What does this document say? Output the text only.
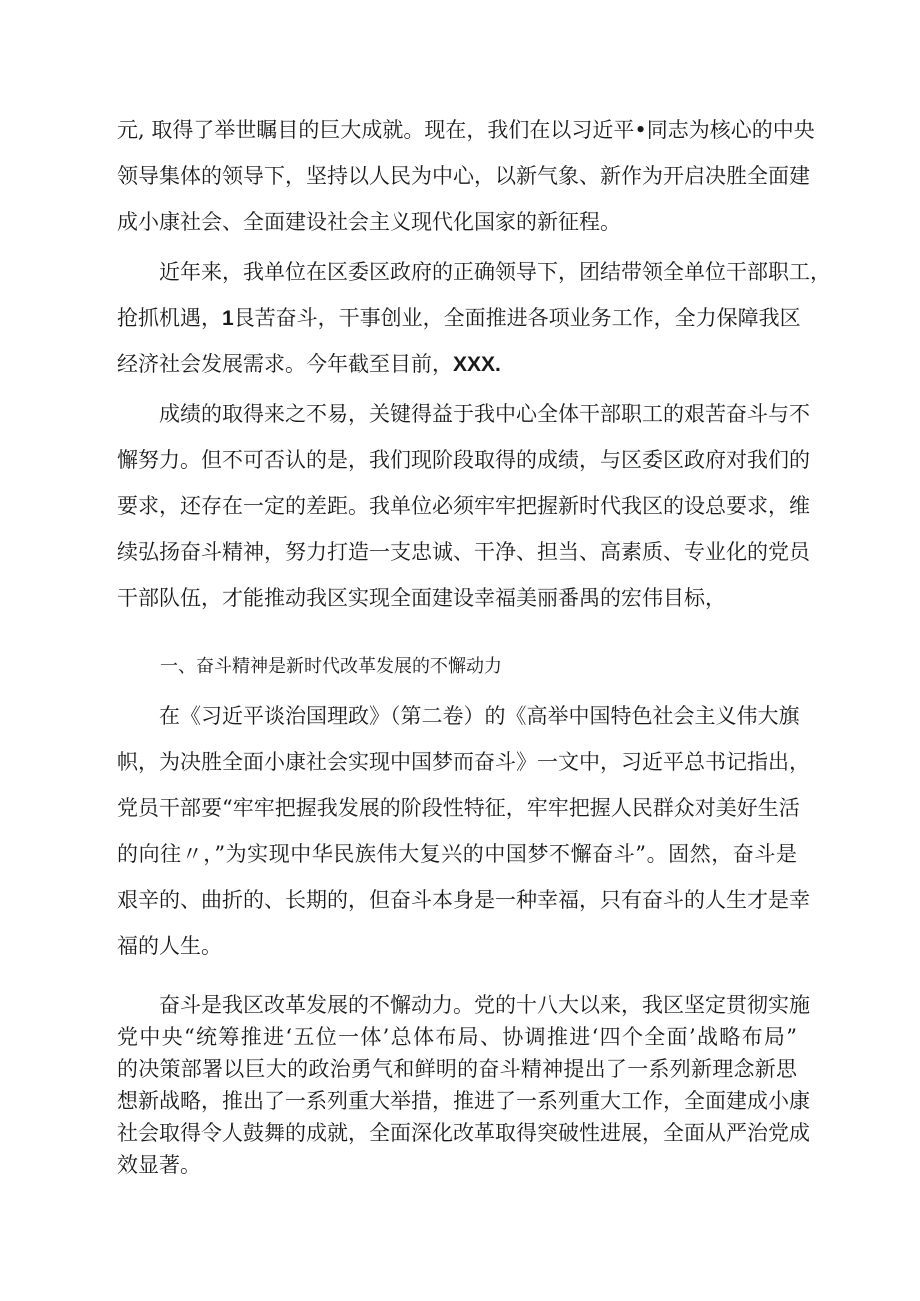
元, 取得了举世瞩目的巨大成就。现在，我们在以习近平•同志为核心的中央
领导集体的领导下，坚持以人民为中心，以新气象、新作为开启决胜全面建
成小康社会、全面建设社会主义现代化国家的新征程。
近年来，我单位在区委区政府的正确领导下，团结带领全单位干部职工，
抢抓机遇，1艮苦奋斗，干事创业，全面推进各项业务工作，全力保障我区
经济社会发展需求。今年截至目前，XXX.
成绩的取得来之不易，关键得益于我中心全体干部职工的艰苦奋斗与不
懈努力。但不可否认的是，我们现阶段取得的成绩，与区委区政府对我们的
要求，还存在一定的差距。我单位必须牢牢把握新时代我区的设总要求，维
续弘扬奋斗精神，努力打造一支忠诚、干净、担当、高素质、专业化的党员
干部队伍，才能推动我区实现全面建设幸福美丽番禺的宏伟目标，
一、奋斗精神是新时代改革发展的不懈动力
在《习近平谈治国理政》（第二卷）的《高举中国特色社会主义伟大旗
帜，为决胜全面小康社会实现中国梦而奋斗》一文中，习近平总书记指出，
党员干部要“牢牢把握我发展的阶段性特征，牢牢把握人民群众对美好生活
的向往〃，”为实现中华民族伟大复兴的中国梦不懈奋斗”。固然，奋斗是
艰辛的、曲折的、长期的，但奋斗本身是一种幸福，只有奋斗的人生才是幸
福的人生。
奋斗是我区改革发展的不懈动力。党的十八大以来，我区坚定贯彻实施
党中央“统筹推进‘五位一体’总体布局、协调推进‘四个全面’战略布局”
的决策部署以巨大的政治勇气和鲜明的奋斗精神提出了一系列新理念新思
想新战略，推出了一系列重大举措，推进了一系列重大工作，全面建成小康
社会取得令人鼓舞的成就，全面深化改革取得突破性进展，全面从严治党成
效显著。
